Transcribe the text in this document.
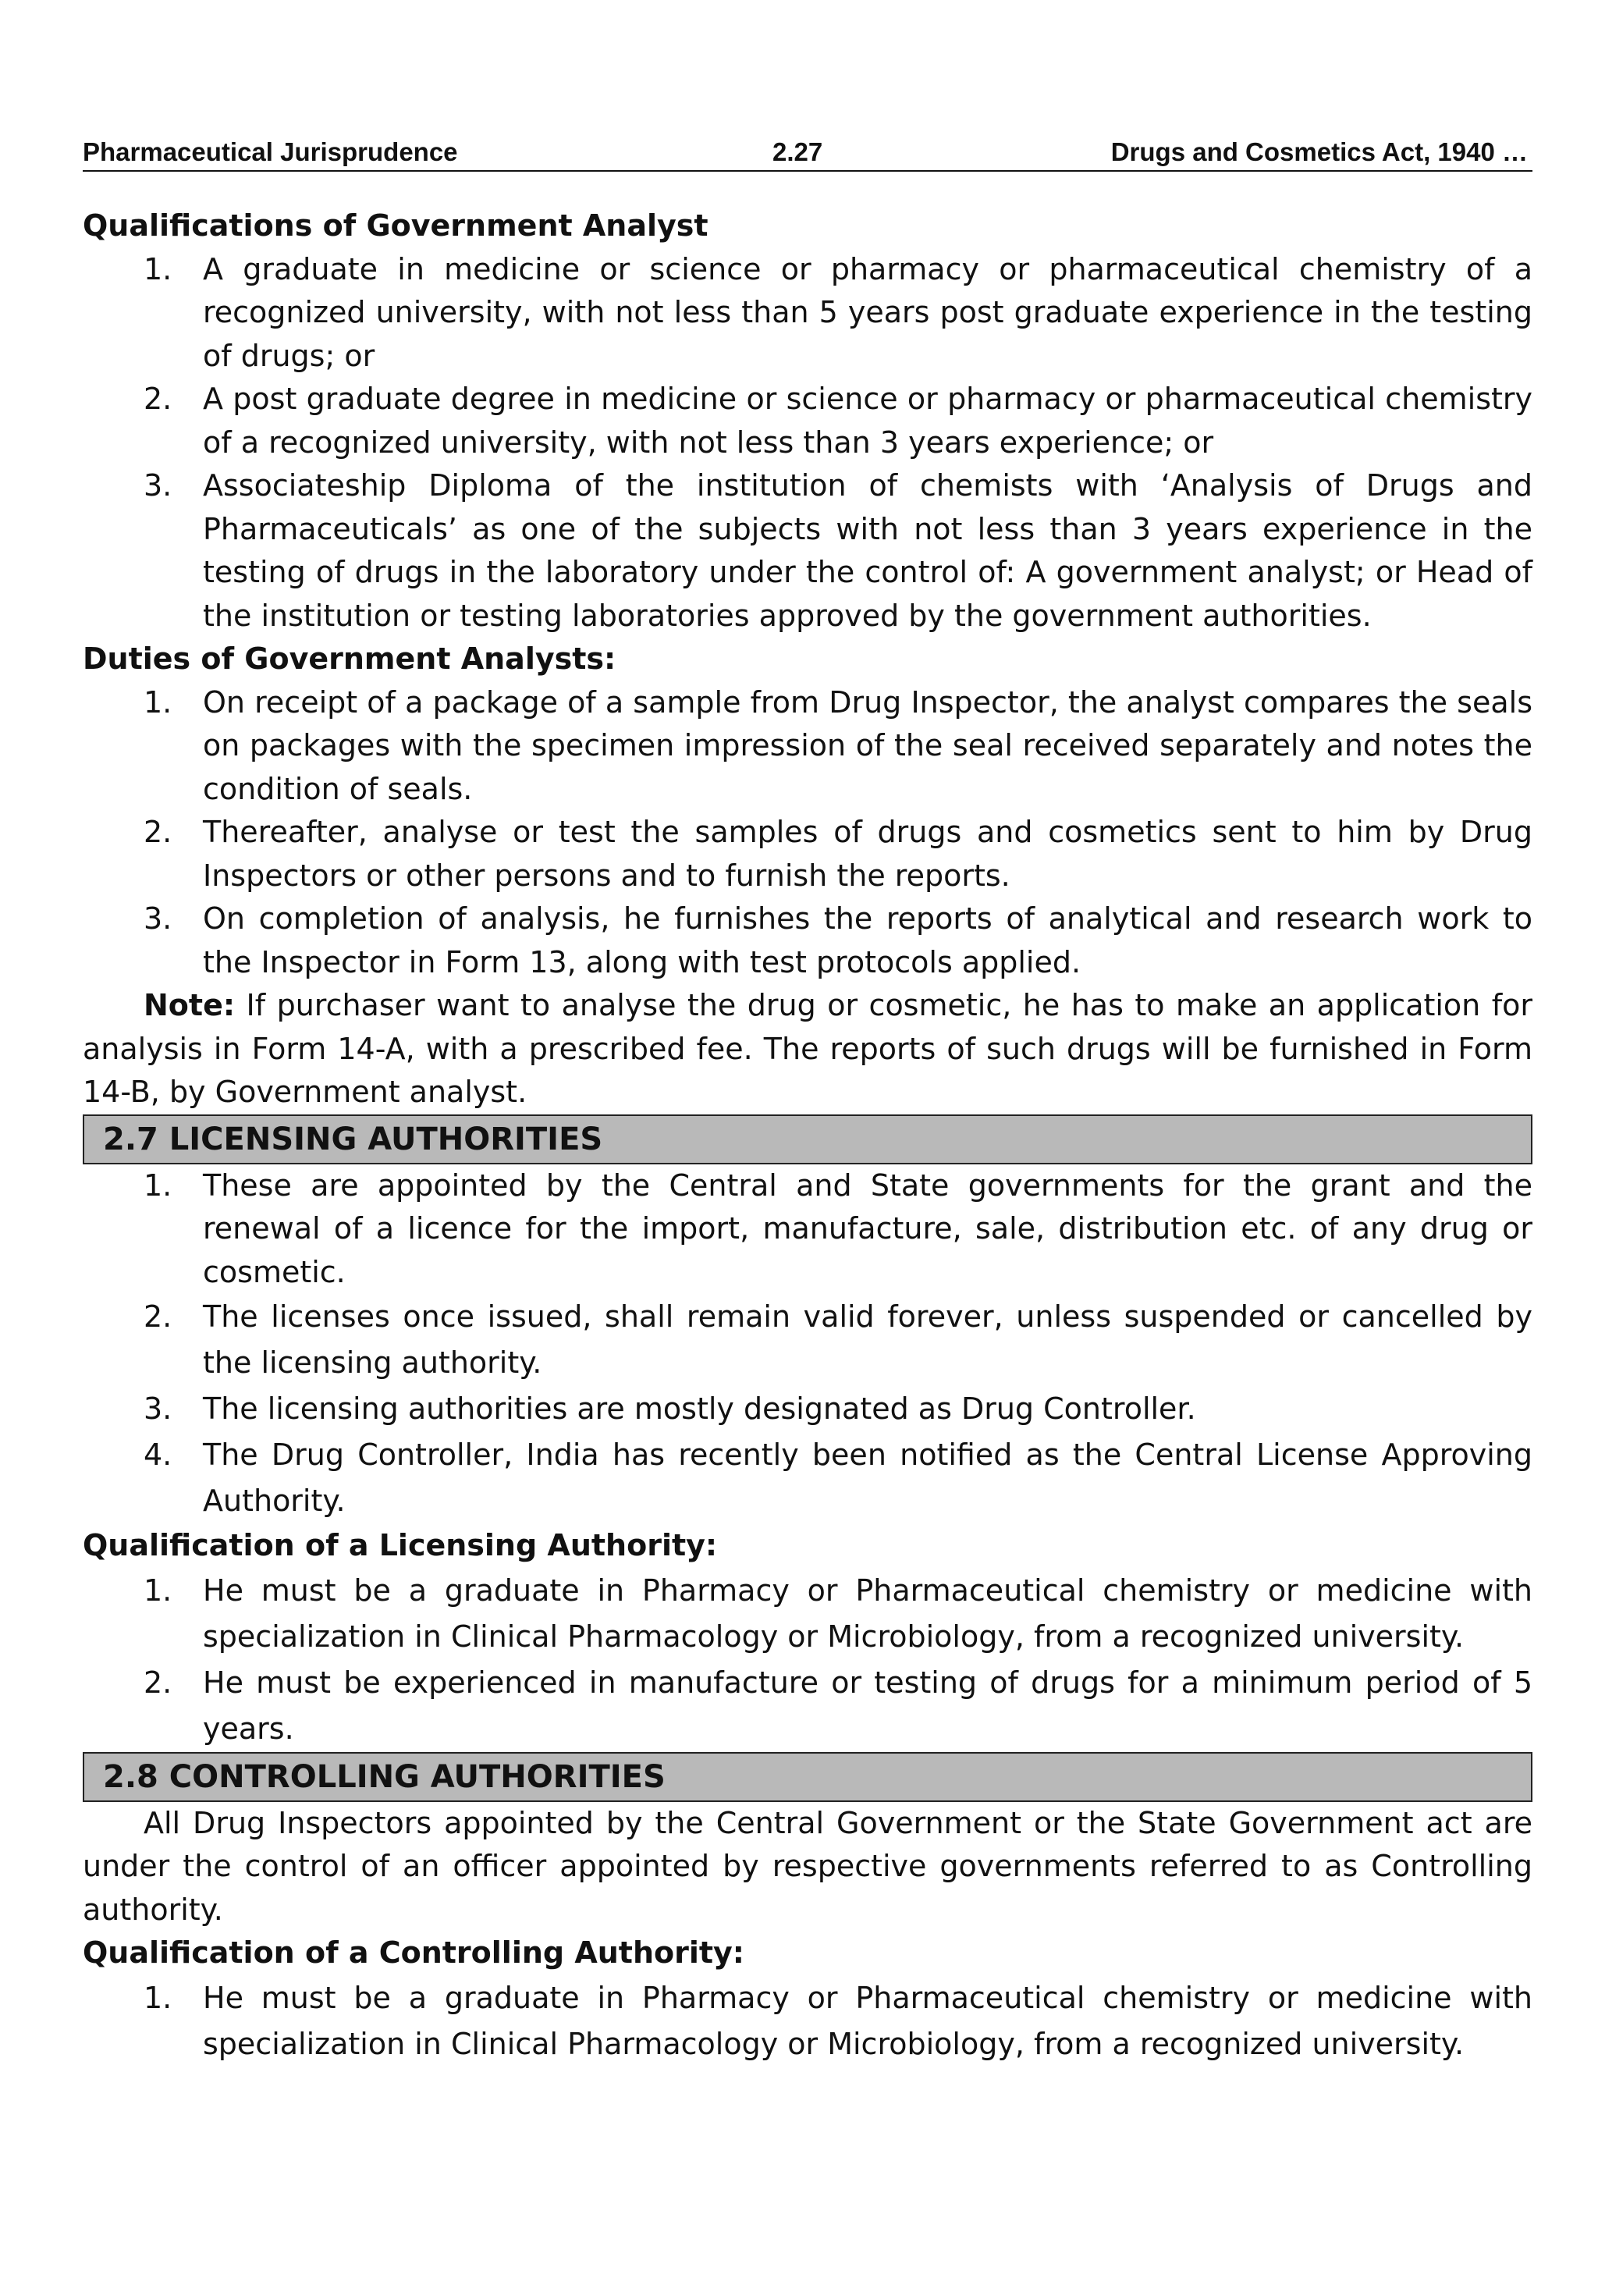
Pharmaceutical Jurisprudence	2.27	Drugs and Cosmetics Act, 1940 …

Qualifications of Government Analyst

1. A graduate in medicine or science or pharmacy or pharmaceutical chemistry of a recognized university, with not less than 5 years post graduate experience in the testing of drugs; or
2. A post graduate degree in medicine or science or pharmacy or pharmaceutical chemistry of a recognized university, with not less than 3 years experience; or
3. Associateship Diploma of the institution of chemists with ‘Analysis of Drugs and Pharmaceuticals’ as one of the subjects with not less than 3 years experience in the testing of drugs in the laboratory under the control of: A government analyst; or Head of the institution or testing laboratories approved by the government authorities.

Duties of Government Analysts:

1. On receipt of a package of a sample from Drug Inspector, the analyst compares the seals on packages with the specimen impression of the seal received separately and notes the condition of seals.
2. Thereafter, analyse or test the samples of drugs and cosmetics sent to him by Drug Inspectors or other persons and to furnish the reports.
3. On completion of analysis, he furnishes the reports of analytical and research work to the Inspector in Form 13, along with test protocols applied.

Note: If purchaser want to analyse the drug or cosmetic, he has to make an application for analysis in Form 14-A, with a prescribed fee. The reports of such drugs will be furnished in Form 14-B, by Government analyst.

2.7 LICENSING AUTHORITIES
1. These are appointed by the Central and State governments for the grant and the renewal of a licence for the import, manufacture, sale, distribution etc. of any drug or cosmetic.
2. The licenses once issued, shall remain valid forever, unless suspended or cancelled by the licensing authority.
3. The licensing authorities are mostly designated as Drug Controller.
4. The Drug Controller, India has recently been notified as the Central License Approving Authority.

Qualification of a Licensing Authority:

1. He must be a graduate in Pharmacy or Pharmaceutical chemistry or medicine with specialization in Clinical Pharmacology or Microbiology, from a recognized university.
2. He must be experienced in manufacture or testing of drugs for a minimum period of 5 years.
2.8 CONTROLLING AUTHORITIES

All Drug Inspectors appointed by the Central Government or the State Government act are under the control of an officer appointed by respective governments referred to as Controlling authority.

Qualification of a Controlling Authority:

1. He must be a graduate in Pharmacy or Pharmaceutical chemistry or medicine with specialization in Clinical Pharmacology or Microbiology, from a recognized university.
